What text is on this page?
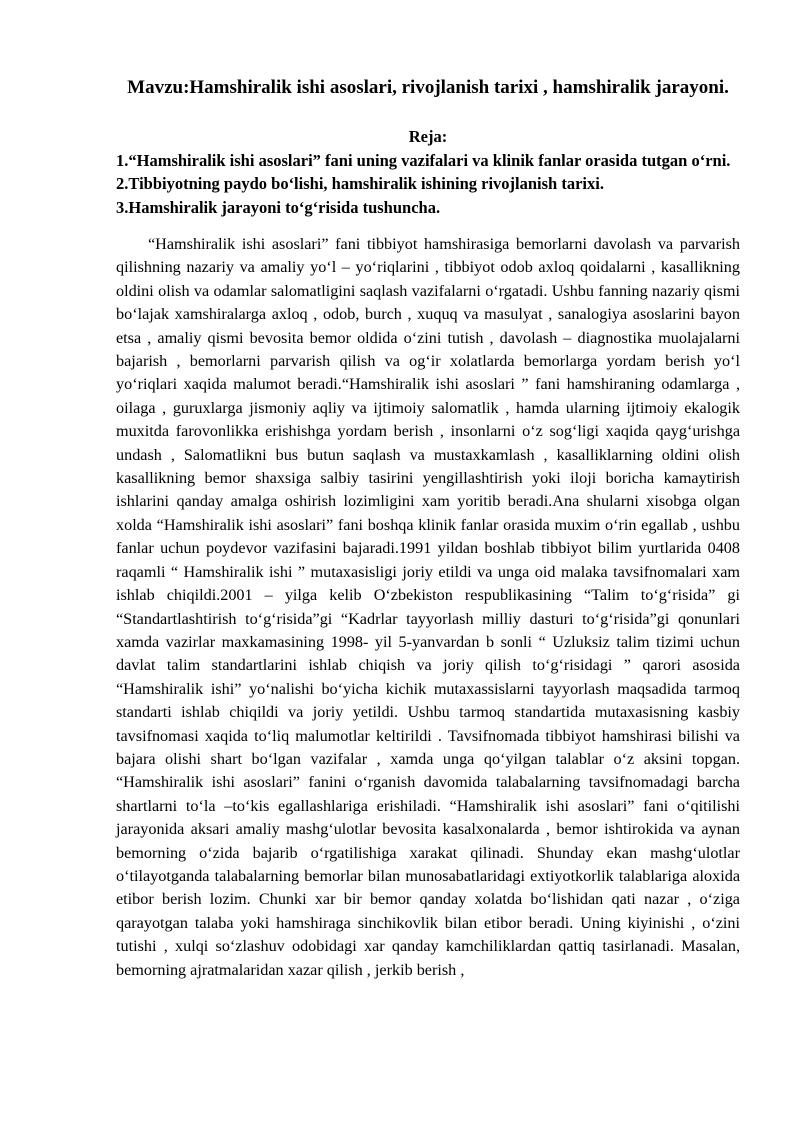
Mavzu:Hamshiralik ishi asoslari, rivojlanish tarixi , hamshiralik jarayoni.
Reja:
1.“Hamshiralik ishi asoslari” fani uning vazifalari va klinik fanlar orasida tutgan o‘rni.
2.Tibbiyotning paydo bo‘lishi, hamshiralik ishining rivojlanish tarixi.
3.Hamshiralik jarayoni to‘g‘risida tushuncha.

“Hamshiralik ishi asoslari” fani tibbiyot hamshirasiga bemorlarni davolash va parvarish qilishning nazariy va amaliy yo‘l – yo‘riqlarini , tibbiyot odob axloq qoidalarni , kasallikning oldini olish va odamlar salomatligini saqlash vazifalarni o‘rgatadi. Ushbu fanning nazariy qismi bo‘lajak xamshiralarga axloq , odob, burch , xuquq va masulyat , sanalogiya asoslarini bayon etsa , amaliy qismi bevosita bemor oldida o‘zini tutish , davolash – diagnostika muolajalarni bajarish , bemorlarni parvarish qilish va og‘ir xolatlarda bemorlarga yordam berish yo‘l yo‘riqlari xaqida malumot beradi.“Hamshiralik ishi asoslari ” fani hamshiraning odamlarga , oilaga , guruxlarga jismoniy aqliy va ijtimoiy salomatlik , hamda ularning ijtimoiy ekalogik muxitda farovonlikka erishishga yordam berish , insonlarni o‘z sog‘ligi xaqida qayg‘urishga undash , Salomatlikni bus butun saqlash va mustaxkamlash , kasalliklarning oldini olish kasallikning bemor shaxsiga salbiy tasirini yengillashtirish yoki iloji boricha kamaytirish ishlarini qanday amalga oshirish lozimligini xam yoritib beradi.Ana shularni xisobga olgan xolda “Hamshiralik ishi asoslari” fani boshqa klinik fanlar orasida muxim o‘rin egallab , ushbu fanlar uchun poydevor vazifasini bajaradi.1991 yildan boshlab tibbiyot bilim yurtlarida 0408 raqamli “ Hamshiralik ishi ” mutaxasisligi joriy etildi va unga oid malaka tavsifnomalari xam ishlab chiqildi.2001 – yilga kelib O‘zbekiston respublikasining “Talim to‘g‘risida” gi “Standartlashtirish to‘g‘risida”gi “Kadrlar tayyorlash milliy dasturi to‘g‘risida”gi qonunlari xamda vazirlar maxkamasining 1998- yil 5-yanvardan b sonli “ Uzluksiz talim tizimi uchun davlat talim standartlarini ishlab chiqish va joriy qilish to‘g‘risidagi ” qarori asosida “Hamshiralik ishi” yo‘nalishi bo‘yicha kichik mutaxassislarni tayyorlash maqsadida tarmoq standarti ishlab chiqildi va joriy yetildi. Ushbu tarmoq standartida mutaxasisning kasbiy tavsifnomasi xaqida to‘liq malumotlar keltirildi . Tavsifnomada tibbiyot hamshirasi bilishi va bajara olishi shart bo‘lgan vazifalar , xamda unga qo‘yilgan talablar o‘z aksini topgan. “Hamshiralik ishi asoslari” fanini o‘rganish davomida talabalarning tavsifnomadagi barcha shartlarni to‘la –to‘kis egallashlariga erishiladi. “Hamshiralik ishi asoslari” fani o‘qitilishi jarayonida aksari amaliy mashg‘ulotlar bevosita kasalxonalarda , bemor ishtirokida va aynan bemorning o‘zida bajarib o‘rgatilishiga xarakat qilinadi. Shunday ekan mashg‘ulotlar o‘tilayotganda talabalarning bemorlar bilan munosabatlaridagi extiyotkorlik talablariga aloxida etibor berish lozim. Chunki xar bir bemor qanday xolatda bo‘lishidan qati nazar , o‘ziga qarayotgan talaba yoki hamshiraga sinchikovlik bilan etibor beradi. Uning kiyinishi , o‘zini tutishi , xulqi so‘zlashuv odobidagi xar qanday kamchiliklardan qattiq tasirlanadi. Masalan, bemorning ajratmalaridan xazar qilish , jerkib berish ,
